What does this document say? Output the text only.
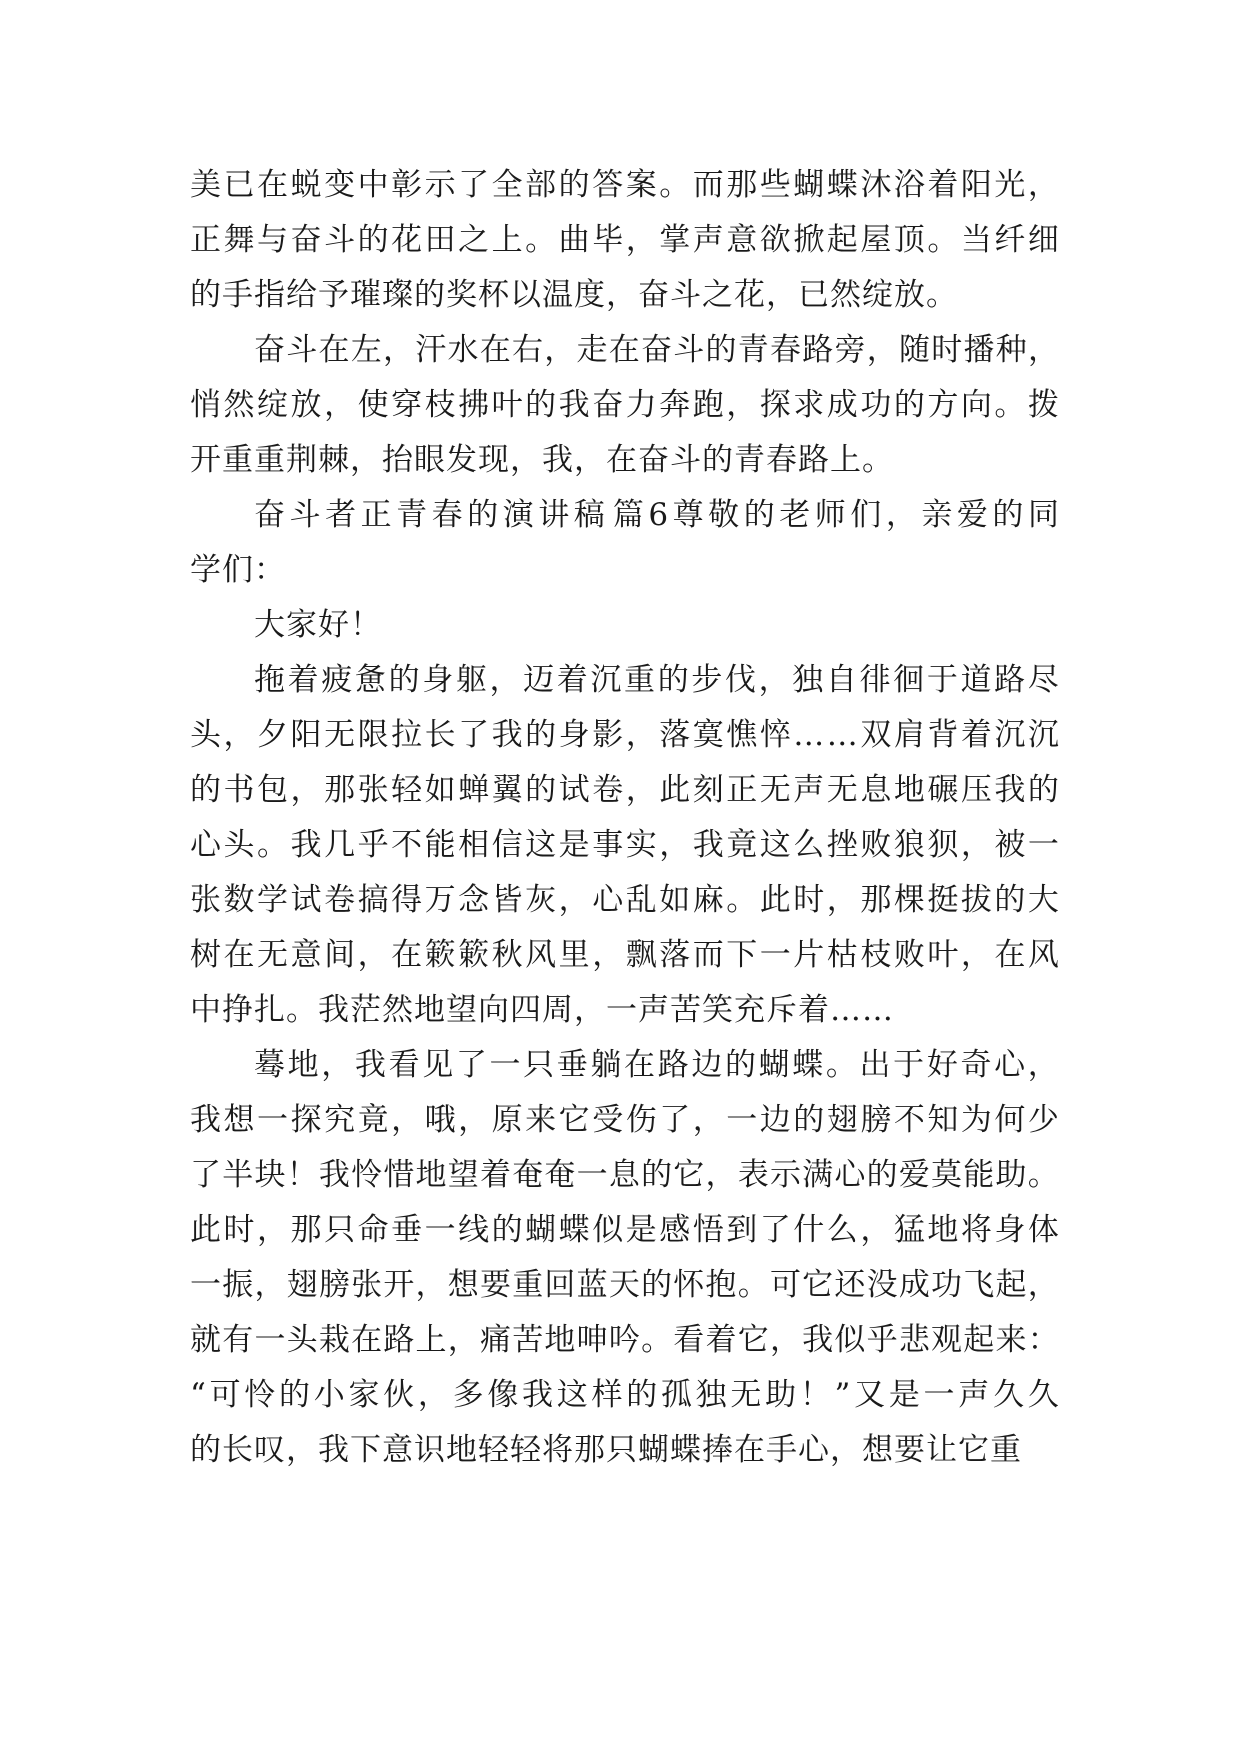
美 已 在 蜕 变 中 彰 示 了 全 部 的 答 案 。 而 那 些 蝴 蝶 沐 浴 着 阳 光 ，
正 舞 与 奋 斗 的 花 田 之 上 。 曲 毕 ， 掌 声 意 欲 掀 起 屋 顶 。 当 纤 细
的手指给予璀璨的奖杯以温度，奋斗之花，已然绽放。
奋 斗 在 左 ， 汗 水 在 右 ， 走 在 奋 斗 的 青 春 路 旁 ， 随 时 播 种 ，
悄 然 绽 放 ， 使 穿 枝 拂 叶 的 我 奋 力 奔 跑 ， 探 求 成 功 的 方 向 。 拨
开重重荆棘，抬眼发现，我，在奋斗的青春路上。
奋 斗 者 正 青 春 的 演 讲 稿 篇 6 尊 敬 的 老 师 们 ， 亲 爱 的 同
学们：
大家好！
拖 着 疲 惫 的 身 躯 ， 迈 着 沉 重 的 步 伐 ， 独 自 徘 徊 于 道 路 尽
头 ， 夕 阳 无 限 拉 长 了 我 的 身 影 ， 落 寞 憔 悴 … … 双 肩 背 着 沉 沉
的 书 包 ， 那 张 轻 如 蝉 翼 的 试 卷 ， 此 刻 正 无 声 无 息 地 碾 压 我 的
心 头 。 我 几 乎 不 能 相 信 这 是 事 实 ， 我 竟 这 么 挫 败 狼 狈 ， 被 一
张 数 学 试 卷 搞 得 万 念 皆 灰 ， 心 乱 如 麻 。 此 时 ， 那 棵 挺 拔 的 大
树 在 无 意 间 ， 在 簌 簌 秋 风 里 ， 飘 落 而 下 一 片 枯 枝 败 叶 ， 在 风
中挣扎。我茫然地望向四周，一声苦笑充斥着……
蓦 地 ， 我 看 见 了 一 只 垂 躺 在 路 边 的 蝴 蝶 。 出 于 好 奇 心 ，
我 想 一 探 究 竟 ， 哦 ， 原 来 它 受 伤 了 ， 一 边 的 翅 膀 不 知 为 何 少
了 半 块 ！ 我 怜 惜 地 望 着 奄 奄 一 息 的 它 ， 表 示 满 心 的 爱 莫 能 助 。
此 时 ， 那 只 命 垂 一 线 的 蝴 蝶 似 是 感 悟 到 了 什 么 ， 猛 地 将 身 体
一 振 ， 翅 膀 张 开 ， 想 要 重 回 蓝 天 的 怀 抱 。 可 它 还 没 成 功 飞 起 ，
就 有 一 头 栽 在 路 上 ， 痛 苦 地 呻 吟 。 看 着 它 ， 我 似 乎 悲 观 起 来 ：
“ 可 怜 的 小 家 伙 ， 多 像 我 这 样 的 孤 独 无 助 ！ ” 又 是 一 声 久 久
的长叹，我下意识地轻轻将那只蝴蝶捧在手心，想要让它重
